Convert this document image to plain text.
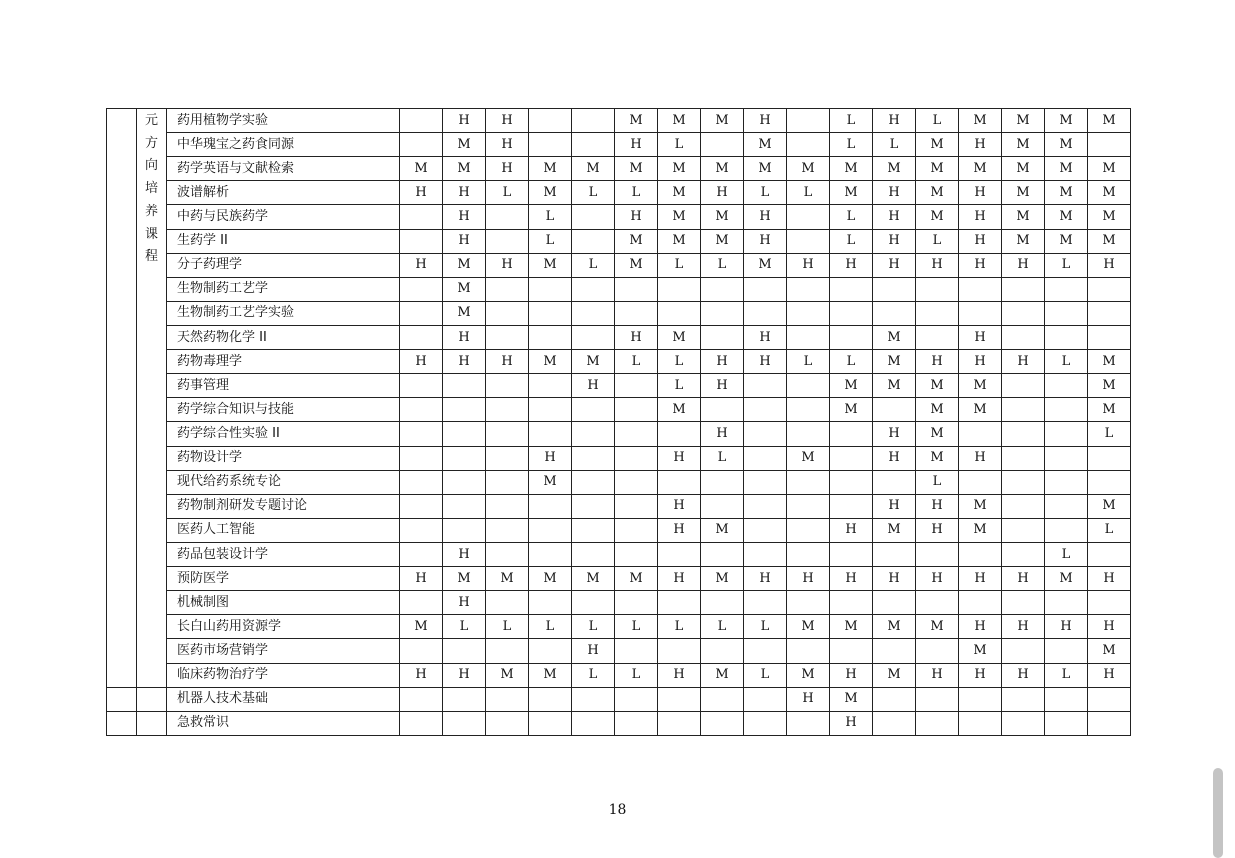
	元方向培养课程	药用植物学实验		H	H			M	M	M	H		L	H	L	M	M	M	M
		中华瑰宝之药食同源		M	H			H	L		M		L	L	M	H	M	M	
		药学英语与文献检索	M	M	H	M	M	M	M	M	M	M	M	M	M	M	M	M	M
		波谱解析	H	H	L	M	L	L	M	H	L	L	M	H	M	H	M	M	M
		中药与民族药学		H		L		H	M	M	H		L	H	M	H	M	M	M
		生药学 II		H		L		M	M	M	H		L	H	L	H	M	M	M
		分子药理学	H	M	H	M	L	M	L	L	M	H	H	H	H	H	H	L	H
		生物制药工艺学		M															
		生物制药工艺学实验		M															
		天然药物化学 II		H				H	M		H			M		H			
		药物毒理学	H	H	H	M	M	L	L	H	H	L	L	M	H	H	H	L	M
		药事管理					H		L	H			M	M	M	M			M
		药学综合知识与技能							M				M		M	M			M
		药学综合性实验 II								H				H	M				L
		药物设计学				H			H	L		M		H	M	H			
		现代给药系统专论				M									L				
		药物制剂研发专题讨论							H					H	H	M			M
		医药人工智能							H	M			H	M	H	M			L
		药品包装设计学		H														L	
		预防医学	H	M	M	M	M	M	H	M	H	H	H	H	H	H	H	M	H
		机械制图		H															
		长白山药用资源学	M	L	L	L	L	L	L	L	L	M	M	M	M	H	H	H	H
		医药市场营销学					H									M			M
		临床药物治疗学	H	H	M	M	L	L	H	M	L	M	H	M	H	H	H	L	H
		机器人技术基础										H	M						
		急救常识											H						
18
